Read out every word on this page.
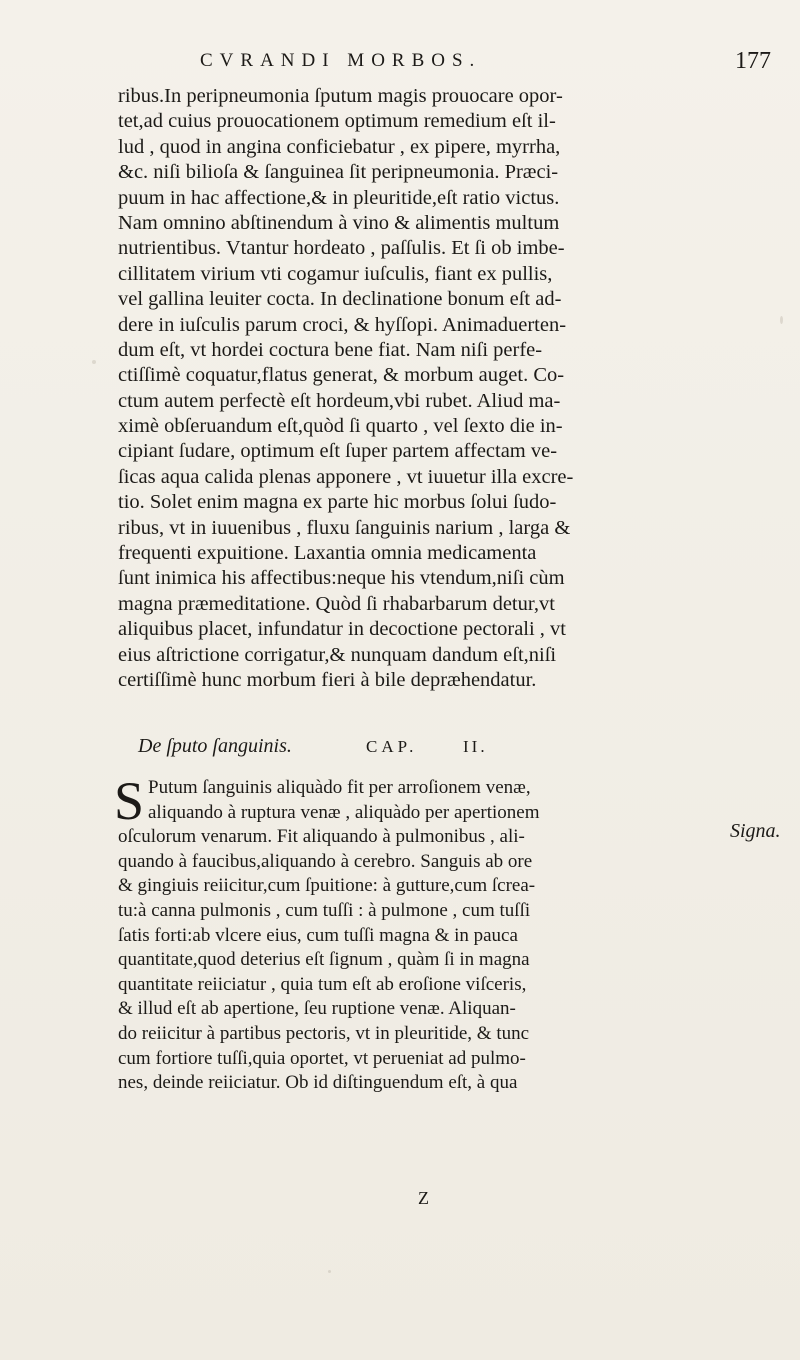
CVRANDI MORBOS.	177
ribus.In peripneumonia ſputum magis prouocare opor-
tet,ad cuius prouocationem optimum remedium eſt il-
lud , quod in angina conficiebatur , ex pipere, myrrha,
&c. niſi bilioſa & ſanguinea ſit peripneumonia. Præci-
puum in hac affectione,& in pleuritide,eſt ratio victus.
Nam omnino abſtinendum à vino & alimentis multum
nutrientibus. Vtantur hordeato , paſſulis. Et ſi ob imbe-
cillitatem virium vti cogamur iuſculis, fiant ex pullis,
vel gallina leuiter cocta. In declinatione bonum eſt ad-
dere in iuſculis parum croci, & hyſſopi. Animaduerten-
dum eſt, vt hordei coctura bene fiat. Nam niſi perfe-
ctiſſimè coquatur,flatus generat, & morbum auget. Co-
ctum autem perfectè eſt hordeum,vbi rubet. Aliud ma-
ximè obſeruandum eſt,quòd ſi quarto , vel ſexto die in-
cipiant ſudare, optimum eſt ſuper partem affectam ve-
ſicas aqua calida plenas apponere , vt iuuetur illa excre-
tio. Solet enim magna ex parte hic morbus ſolui ſudo-
ribus, vt in iuuenibus , fluxu ſanguinis narium , larga &
frequenti expuitione. Laxantia omnia medicamenta
ſunt inimica his affectibus:neque his vtendum,niſi cùm
magna præmeditatione. Quòd ſi rhabarbarum detur,vt
aliquibus placet, infundatur in decoctione pectorali , vt
eius aſtrictione corrigatur,& nunquam dandum eſt,niſi
certiſſimè hunc morbum fieri à bile depræhendatur.
De ſputo ſanguinis.	CAP.	II.
S Putum ſanguinis aliquàdo fit per arroſionem venæ,
aliquando à ruptura venæ , aliquàdo per apertionem
oſculorum venarum. Fit aliquando à pulmonibus , ali-
quando à faucibus,aliquando à cerebro. Sanguis ab ore
& gingiuis reiicitur,cum ſpuitione: à gutture,cum ſcrea-
tu:à canna pulmonis , cum tuſſi : à pulmone , cum tuſſi
ſatis forti:ab vlcere eius, cum tuſſi magna & in pauca
quantitate,quod deterius eſt ſignum , quàm ſi in magna
quantitate reiiciatur , quia tum eſt ab eroſione viſceris,
& illud eſt ab apertione, ſeu ruptione venæ. Aliquan-
do reiicitur à partibus pectoris, vt in pleuritide, & tunc
cum fortiore tuſſi,quia oportet, vt perueniat ad pulmo-
nes, deinde reiiciatur. Ob id diſtinguendum eſt, à qua
Signa.
Z
